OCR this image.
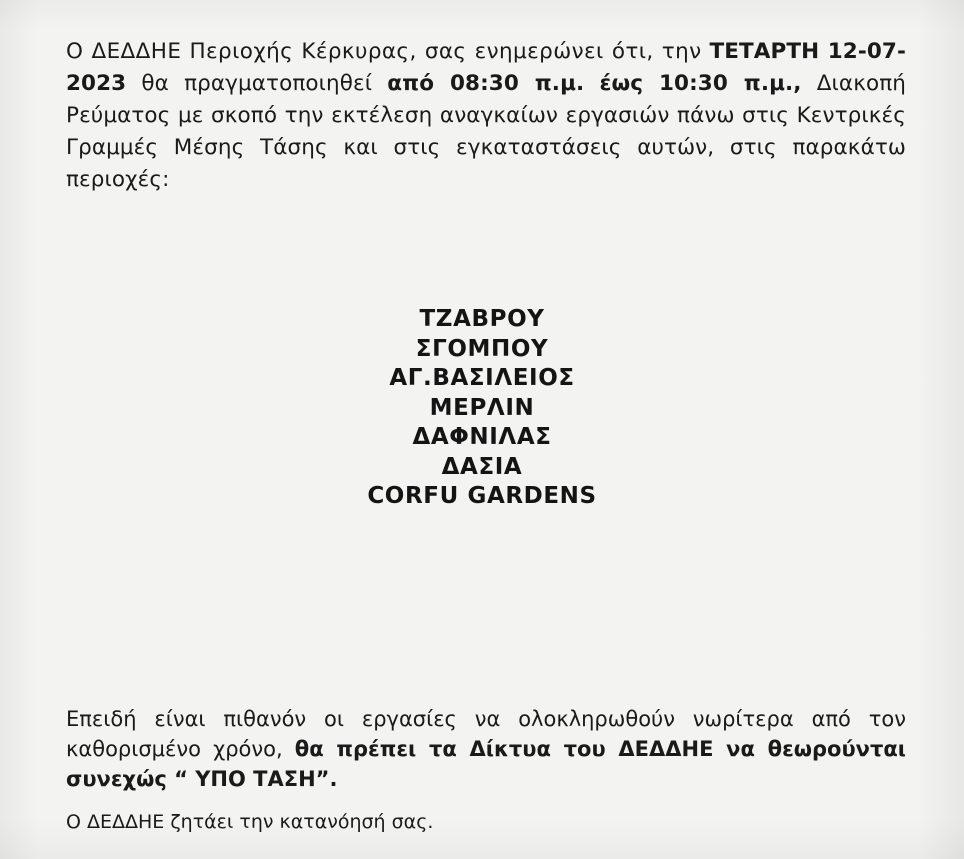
Ο ΔΕΔΔΗΕ Περιοχής Κέρκυρας, σας ενημερώνει ότι, την ΤΕΤΑΡΤΗ 12-07-2023 θα πραγματοποιηθεί από 08:30 π.μ. έως 10:30 π.μ., Διακοπή Ρεύματος με σκοπό την εκτέλεση αναγκαίων εργασιών πάνω στις Κεντρικές Γραμμές Μέσης Τάσης και στις εγκαταστάσεις αυτών, στις παρακάτω περιοχές:

ΤΖΑΒΡΟΥ
ΣΓΟΜΠΟΥ
ΑΓ.ΒΑΣΙΛΕΙΟΣ
ΜΕΡΛΙΝ
ΔΑΦΝΙΛΑΣ
ΔΑΣΙΑ
CORFU GARDENS

Επειδή είναι πιθανόν οι εργασίες να ολοκληρωθούν νωρίτερα από τον καθορισμένο χρόνο, θα πρέπει τα Δίκτυα του ΔΕΔΔΗΕ να θεωρούνται συνεχώς “ ΥΠΟ ΤΑΣΗ”.

Ο ΔΕΔΔΗΕ ζητάει την κατανόησή σας.
